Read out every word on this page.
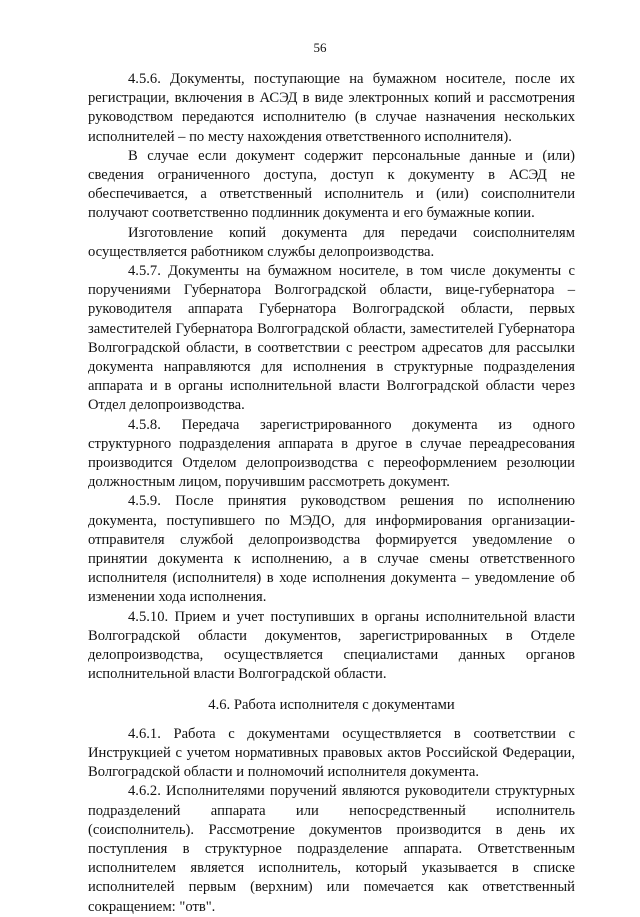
56

4.5.6. Документы, поступающие на бумажном носителе, после их регистрации, включения в АСЭД в виде электронных копий и рассмотрения руководством передаются исполнителю (в случае назначения нескольких исполнителей – по месту нахождения ответственного исполнителя).

В случае если документ содержит персональные данные и (или) сведения ограниченного доступа, доступ к документу в АСЭД не обеспечивается, а ответственный исполнитель и (или) соисполнители получают соответственно подлинник документа и его бумажные копии.

Изготовление копий документа для передачи соисполнителям осуществляется работником службы делопроизводства.

4.5.7. Документы на бумажном носителе, в том числе документы с поручениями Губернатора Волгоградской области, вице-губернатора – руководителя аппарата Губернатора Волгоградской области, первых заместителей Губернатора Волгоградской области, заместителей Губернатора Волгоградской области, в соответствии с реестром адресатов для рассылки документа направляются для исполнения в структурные подразделения аппарата и в органы исполнительной власти Волгоградской области через Отдел делопроизводства.

4.5.8. Передача зарегистрированного документа из одного структурного подразделения аппарата в другое в случае переадресования производится Отделом делопроизводства с переоформлением резолюции должностным лицом, поручившим рассмотреть документ.

4.5.9. После принятия руководством решения по исполнению документа, поступившего по МЭДО, для информирования организации-отправителя службой делопроизводства формируется уведомление о принятии документа к исполнению, а в случае смены ответственного исполнителя (исполнителя) в ходе исполнения документа – уведомление об изменении хода исполнения.

4.5.10. Прием и учет поступивших в органы исполнительной власти Волгоградской области документов, зарегистрированных в Отделе делопроизводства, осуществляется специалистами данных органов исполнительной власти Волгоградской области.

4.6. Работа исполнителя с документами

4.6.1. Работа с документами осуществляется в соответствии с Инструкцией с учетом нормативных правовых актов Российской Федерации, Волгоградской области и полномочий исполнителя документа.

4.6.2. Исполнителями поручений являются руководители структурных подразделений аппарата или непосредственный исполнитель (соисполнитель). Рассмотрение документов производится в день их поступления в структурное подразделение аппарата. Ответственным исполнителем является исполнитель, который указывается в списке исполнителей первым (верхним) или помечается как ответственный сокращением: "отв".
